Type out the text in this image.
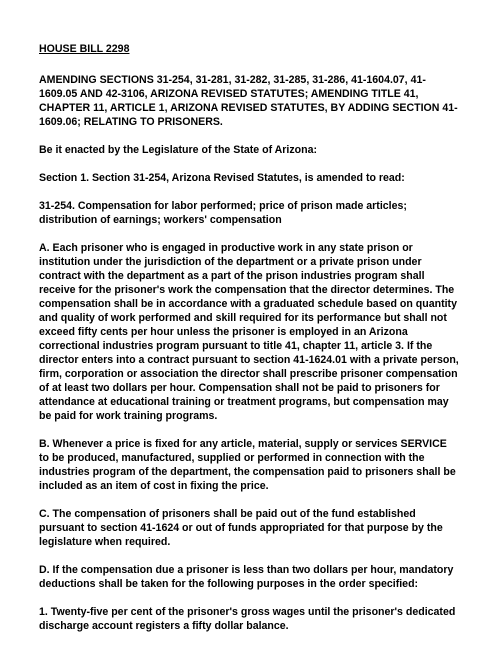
HOUSE BILL 2298
AMENDING SECTIONS 31-254, 31-281, 31-282, 31-285, 31-286, 41-1604.07, 41-1609.05 AND 42-3106, ARIZONA REVISED STATUTES; AMENDING TITLE 41, CHAPTER 11, ARTICLE 1, ARIZONA REVISED STATUTES, BY ADDING SECTION 41-1609.06; RELATING TO PRISONERS.
Be it enacted by the Legislature of the State of Arizona:
Section 1. Section 31-254, Arizona Revised Statutes, is amended to read:
31-254. Compensation for labor performed; price of prison made articles; distribution of earnings; workers' compensation
A. Each prisoner who is engaged in productive work in any state prison or institution under the jurisdiction of the department or a private prison under contract with the department as a part of the prison industries program shall receive for the prisoner's work the compensation that the director determines. The compensation shall be in accordance with a graduated schedule based on quantity and quality of work performed and skill required for its performance but shall not exceed fifty cents per hour unless the prisoner is employed in an Arizona correctional industries program pursuant to title 41, chapter 11, article 3. If the director enters into a contract pursuant to section 41-1624.01 with a private person, firm, corporation or association the director shall prescribe prisoner compensation of at least two dollars per hour. Compensation shall not be paid to prisoners for attendance at educational training or treatment programs, but compensation may be paid for work training programs.
B. Whenever a price is fixed for any article, material, supply or services SERVICE to be produced, manufactured, supplied or performed in connection with the industries program of the department, the compensation paid to prisoners shall be included as an item of cost in fixing the price.
C. The compensation of prisoners shall be paid out of the fund established pursuant to section 41-1624 or out of funds appropriated for that purpose by the legislature when required.
D. If the compensation due a prisoner is less than two dollars per hour, mandatory deductions shall be taken for the following purposes in the order specified:
1. Twenty-five per cent of the prisoner's gross wages until the prisoner's dedicated discharge account registers a fifty dollar balance.
